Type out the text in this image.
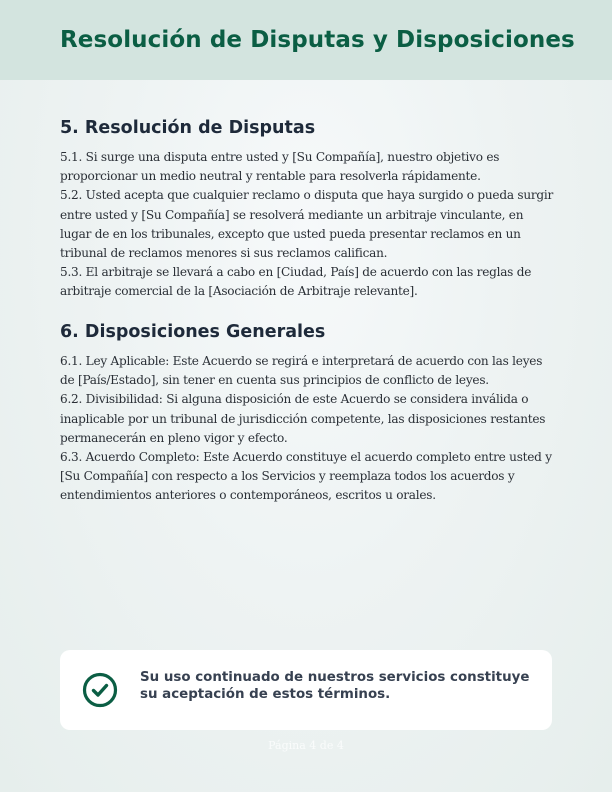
Resolución de Disputas y Disposiciones
5. Resolución de Disputas

5.1. Si surge una disputa entre usted y [Su Compañía], nuestro objetivo es proporcionar un medio neutral y rentable para resolverla rápidamente.

5.2. Usted acepta que cualquier reclamo o disputa que haya surgido o pueda surgir entre usted y [Su Compañía] se resolverá mediante un arbitraje vinculante, en lugar de en los tribunales, excepto que usted pueda presentar reclamos en un tribunal de reclamos menores si sus reclamos califican.

5.3. El arbitraje se llevará a cabo en [Ciudad, País] de acuerdo con las reglas de arbitraje comercial de la [Asociación de Arbitraje relevante].

6. Disposiciones Generales

6.1. Ley Aplicable: Este Acuerdo se regirá e interpretará de acuerdo con las leyes de [País/Estado], sin tener en cuenta sus principios de conflicto de leyes.

6.2. Divisibilidad: Si alguna disposición de este Acuerdo se considera inválida o inaplicable por un tribunal de jurisdicción competente, las disposiciones restantes permanecerán en pleno vigor y efecto.

6.3. Acuerdo Completo: Este Acuerdo constituye el acuerdo completo entre usted y [Su Compañía] con respecto a los Servicios y reemplaza todos los acuerdos y entendimientos anteriores o contemporáneos, escritos u orales.

Su uso continuado de nuestros servicios constituye su aceptación de estos términos.

Página 4 de 4
